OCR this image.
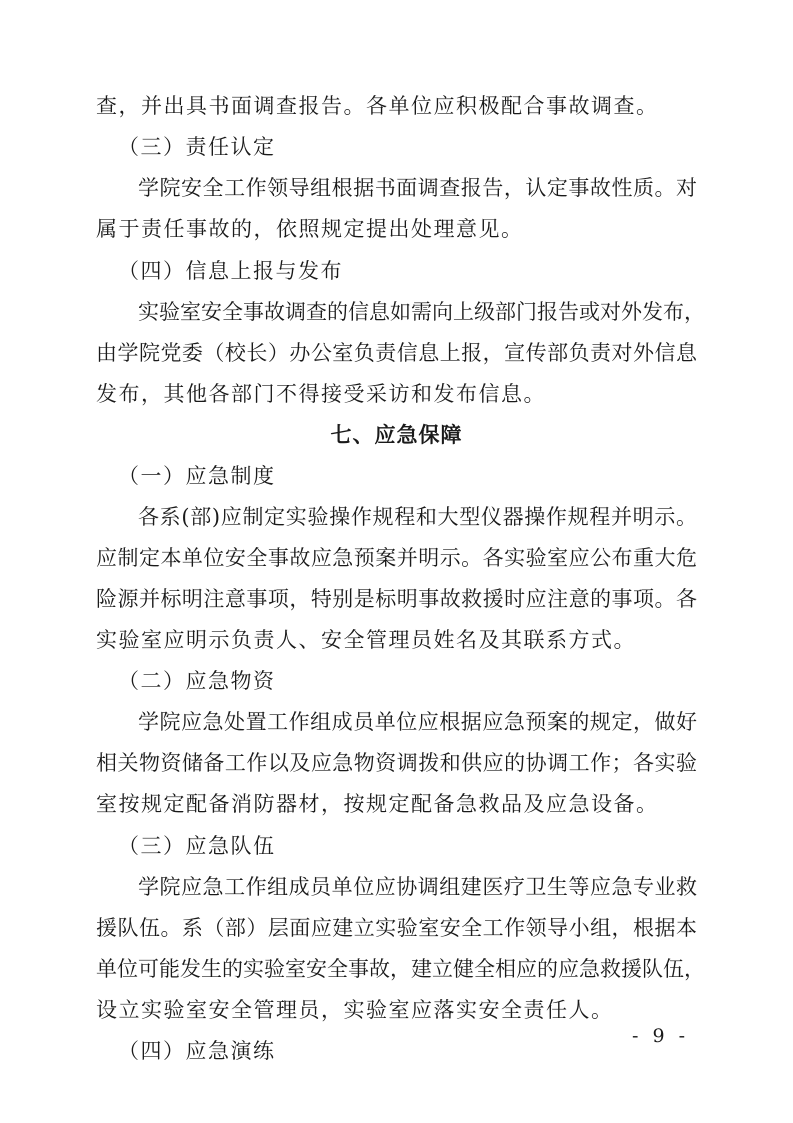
查，并出具书面调查报告。各单位应积极配合事故调查。
（三）责任认定
学院安全工作领导组根据书面调查报告，认定事故性质。对
属于责任事故的，依照规定提出处理意见。
（四）信息上报与发布
实验室安全事故调查的信息如需向上级部门报告或对外发布，
由学院党委（校长）办公室负责信息上报，宣传部负责对外信息
发布，其他各部门不得接受采访和发布信息。
七、应急保障
（一）应急制度
各系(部)应制定实验操作规程和大型仪器操作规程并明示。
应制定本单位安全事故应急预案并明示。各实验室应公布重大危
险源并标明注意事项，特别是标明事故救援时应注意的事项。各
实验室应明示负责人、安全管理员姓名及其联系方式。
（二）应急物资
学院应急处置工作组成员单位应根据应急预案的规定，做好
相关物资储备工作以及应急物资调拨和供应的协调工作；各实验
室按规定配备消防器材，按规定配备急救品及应急设备。
（三）应急队伍
学院应急工作组成员单位应协调组建医疗卫生等应急专业救
援队伍。系（部）层面应建立实验室安全工作领导小组，根据本
单位可能发生的实验室安全事故，建立健全相应的应急救援队伍，
设立实验室安全管理员，实验室应落实安全责任人。
（四）应急演练
- 9 -
